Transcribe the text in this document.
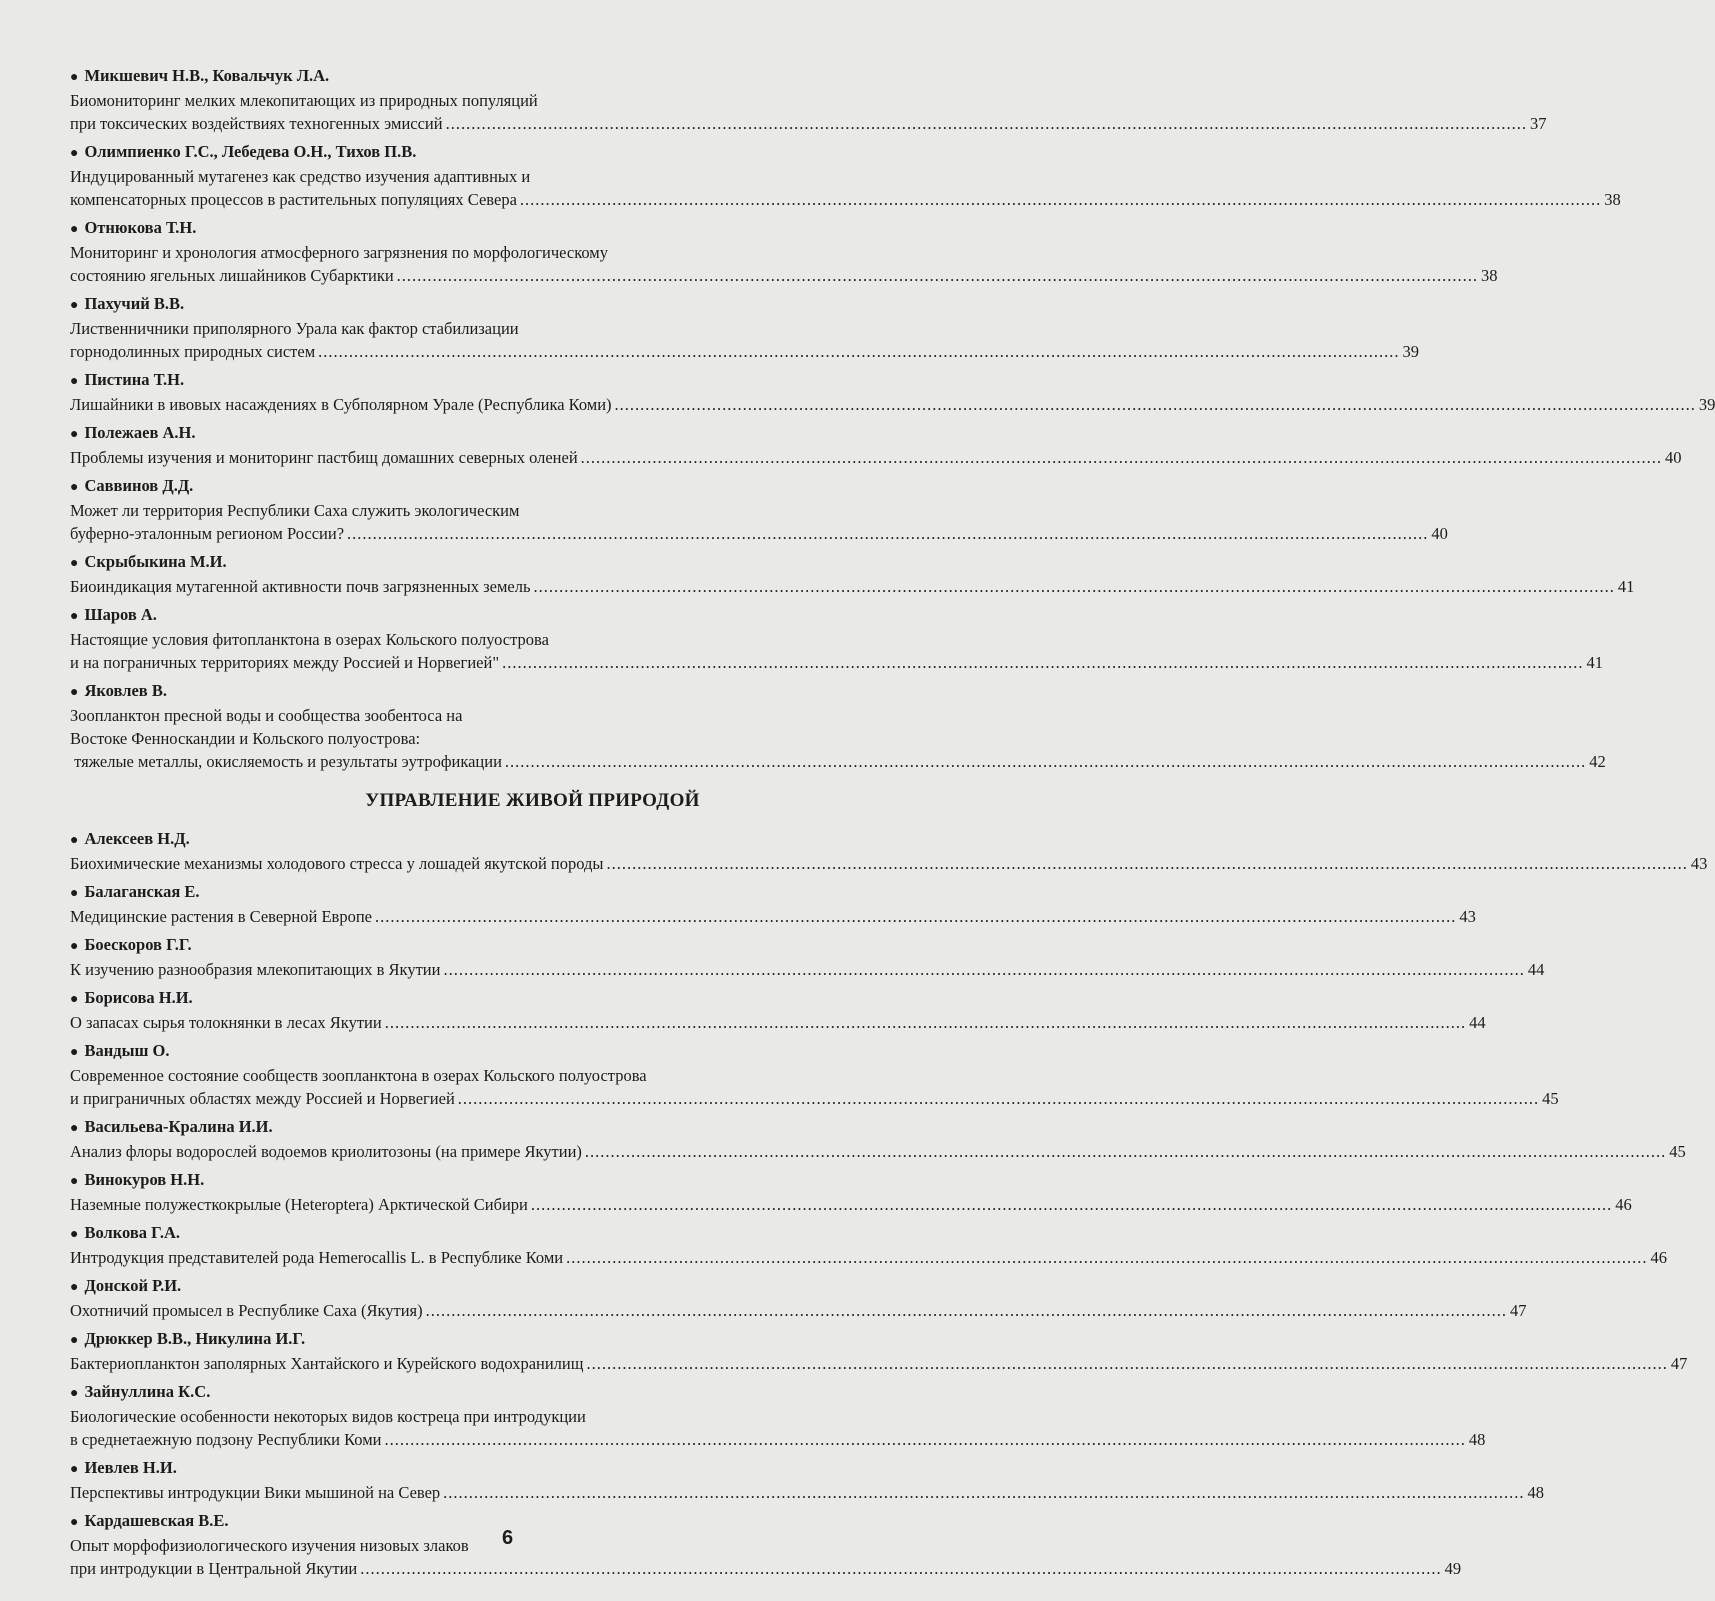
● Микшевич Н.В., Ковальчук Л.А.
Биомониторинг мелких млекопитающих из природных популяций
при токсических воздействиях техногенных эмиссий ................................................................................................................................................................................................................... 37
● Олимпиенко Г.С., Лебедева О.Н., Тихов П.В.
Индуцированный мутагенез как средство изучения адаптивных и
компенсаторных процессов в растительных популяциях Севера ................................................................................................................................................................................................................... 38
● Отнюкова Т.Н.
Мониторинг и хронология атмосферного загрязнения по морфологическому
состоянию ягельных лишайников Субарктики ................................................................................................................................................................................................................... 38
● Пахучий В.В.
Лиственничники приполярного Урала как фактор стабилизации
горнодолинных природных систем ................................................................................................................................................................................................................... 39
● Пистина Т.Н.
Лишайники в ивовых насаждениях в Субполярном Урале (Республика Коми) ................................................................................................................................................................................................................... 39
● Полежаев А.Н.
Проблемы изучения и мониторинг пастбищ домашних северных оленей ................................................................................................................................................................................................................... 40
● Саввинов Д.Д.
Может ли территория Республики Саха служить экологическим
буферно-эталонным регионом России? ................................................................................................................................................................................................................... 40
● Скрыбыкина М.И.
Биоиндикация мутагенной активности почв загрязненных земель ................................................................................................................................................................................................................... 41
● Шаров А.
Настоящие условия фитопланктона в озерах Кольского полуострова
и на пограничных территориях между Россией и Норвегией" ................................................................................................................................................................................................................... 41
● Яковлев В.
Зоопланктон пресной воды и сообщества зообентоса на
Востоке Фенноскандии и Кольского полуострова:
тяжелые металлы, окисляемость и результаты эутрофикации ................................................................................................................................................................................................................... 42
УПРАВЛЕНИЕ ЖИВОЙ ПРИРОДОЙ
● Алексеев Н.Д.
Биохимические механизмы холодового стресса у лошадей якутской породы ................................................................................................................................................................................................................... 43
● Балаганская Е.
Медицинские растения в Северной Европе ................................................................................................................................................................................................................... 43
● Боескоров Г.Г.
К изучению разнообразия млекопитающих в Якутии ................................................................................................................................................................................................................... 44
● Борисова Н.И.
О запасах сырья толокнянки в лесах Якутии ................................................................................................................................................................................................................... 44
● Вандыш О.
Современное состояние сообществ зоопланктона в озерах Кольского полуострова
и приграничных областях между Россией и Норвегией ................................................................................................................................................................................................................... 45
● Васильева-Кралина И.И.
Анализ флоры водорослей водоемов криолитозоны (на примере Якутии) ................................................................................................................................................................................................................... 45
● Винокуров Н.Н.
Наземные полужесткокрылые (Heteroptera) Арктической Сибири ................................................................................................................................................................................................................... 46
● Волкова Г.А.
Интродукция представителей рода Hemerocallis L. в Республике Коми ................................................................................................................................................................................................................... 46
● Донской Р.И.
Охотничий промысел в Республике Саха (Якутия) ................................................................................................................................................................................................................... 47
● Дрюккер В.В., Никулина И.Г.
Бактериопланктон заполярных Хантайского и Курейского водохранилищ ................................................................................................................................................................................................................... 47
● Зайнуллина К.С.
Биологические особенности некоторых видов костреца при интродукции
в среднетаежную подзону Республики Коми ................................................................................................................................................................................................................... 48
● Иевлев Н.И.
Перспективы интродукции Вики мышиной на Север ................................................................................................................................................................................................................... 48
● Кардашевская В.Е.
Опыт морфофизиологического изучения низовых злаков
при интродукции в Центральной Якутии ................................................................................................................................................................................................................... 49
6
